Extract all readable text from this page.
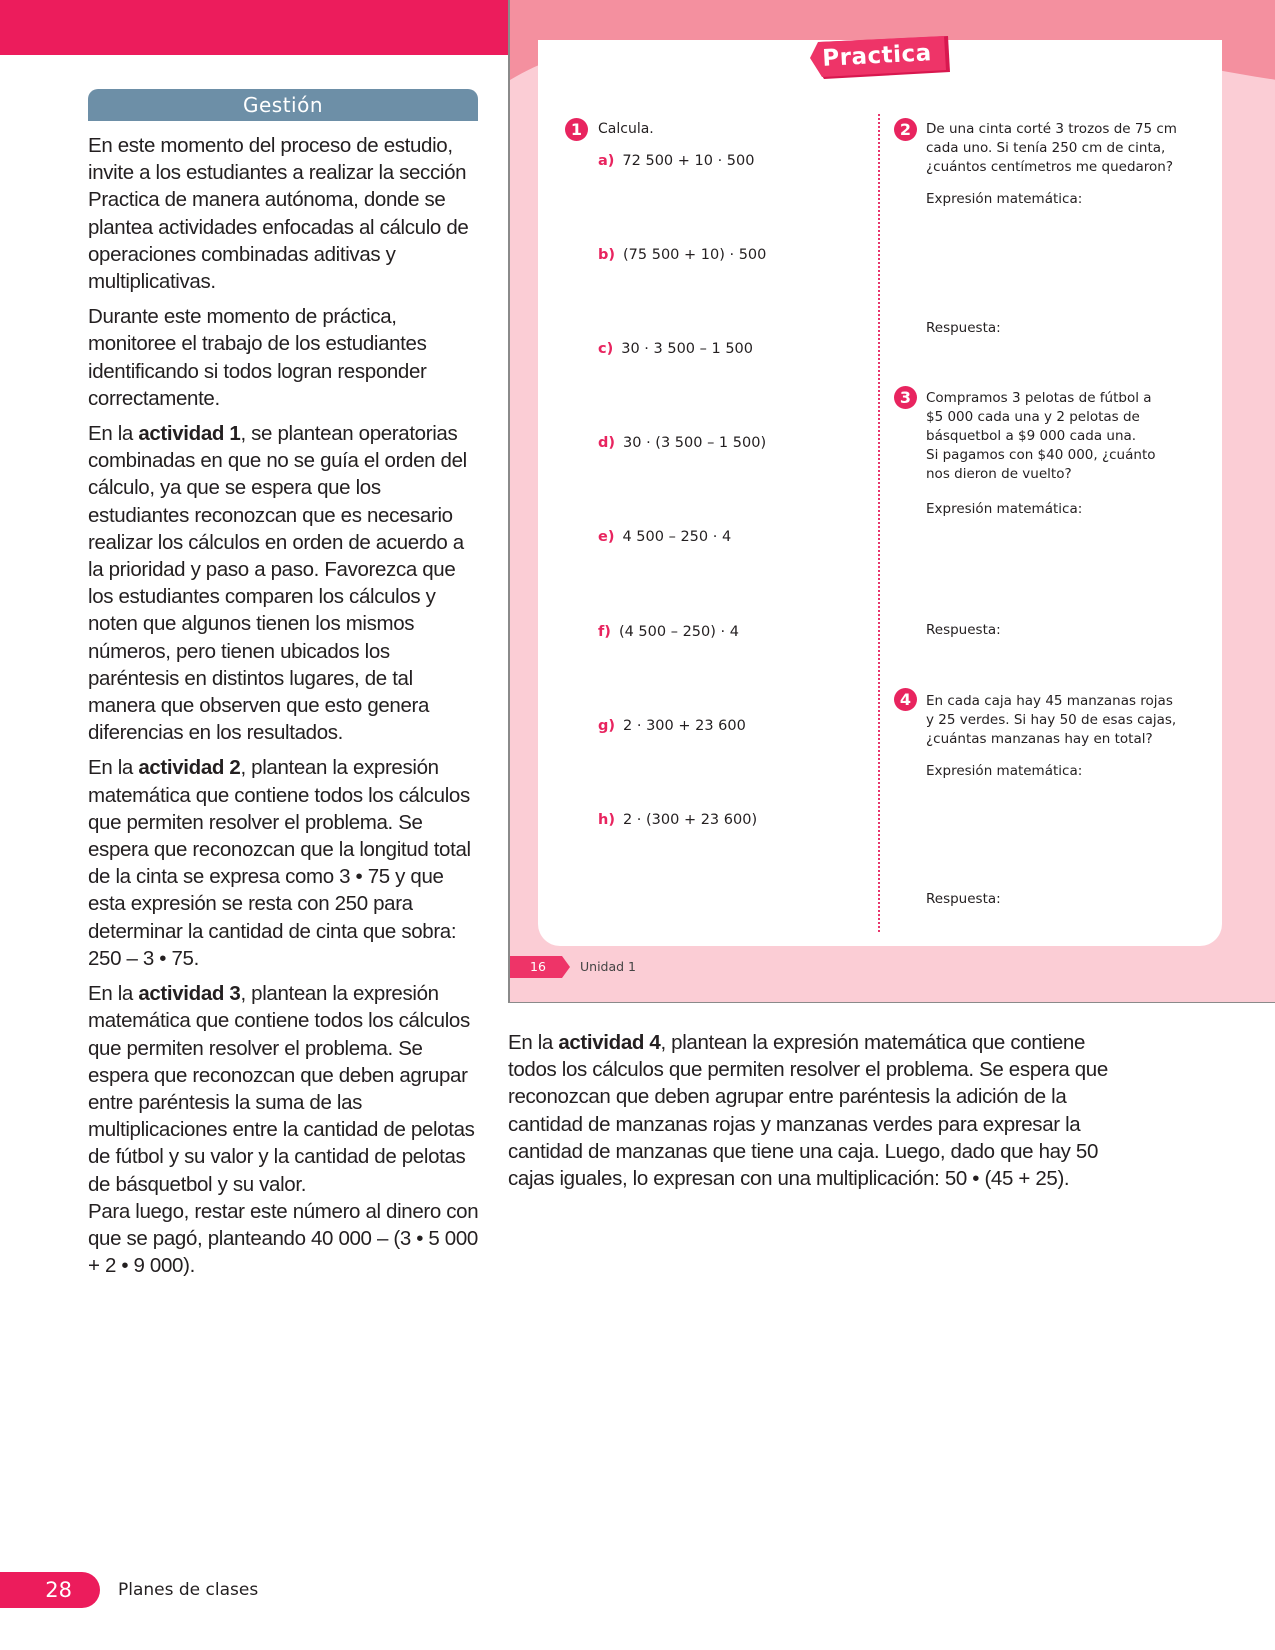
Gestión

En este momento del proceso de estudio, invite a los estudiantes a realizar la sección Practica de manera autónoma, donde se plantea actividades enfocadas al cálculo de operaciones combinadas aditivas y multiplicativas.

Durante este momento de práctica, monitoree el trabajo de los estudiantes identificando si todos logran responder correctamente.

En la actividad 1, se plantean operatorias combinadas en que no se guía el orden del cálculo, ya que se espera que los estudiantes reconozcan que es necesario realizar los cálculos en orden de acuerdo a la prioridad y paso a paso. Favorezca que los estudiantes comparen los cálculos y noten que algunos tienen los mismos números, pero tienen ubicados los paréntesis en distintos lugares, de tal manera que observen que esto genera diferencias en los resultados.

En la actividad 2, plantean la expresión matemática que contiene todos los cálculos que permiten resolver el problema. Se espera que reconozcan que la longitud total de la cinta se expresa como 3 • 75 y que esta expresión se resta con 250 para determinar la cantidad de cinta que sobra: 250 – 3 • 75.

En la actividad 3, plantean la expresión matemática que contiene todos los cálculos que permiten resolver el problema. Se espera que reconozcan que deben agrupar entre paréntesis la suma de las multiplicaciones entre la cantidad de pelotas de fútbol y su valor y la cantidad de pelotas de básquetbol y su valor.
Para luego, restar este número al dinero con que se pagó, planteando 40 000 – (3 • 5 000 + 2 • 9 000).

Practica
1	Calcula.	2	De una cinta corté 3 trozos de 75 cm
cada uno. Si tenía 250 cm de cinta,
¿cuántos centímetros me quedaron?
Expresión matemática:
Respuesta:
3	Compramos 3 pelotas de fútbol a
$5 000 cada una y 2 pelotas de
básquetbol a $9 000 cada una.
Si pagamos con $40 000, ¿cuánto
nos dieron de vuelto?
Expresión matemática:
Respuesta:
4	En cada caja hay 45 manzanas rojas
y 25 verdes. Si hay 50 de esas cajas,
¿cuántas manzanas hay en total?
Expresión matemática:
Respuesta:
16	Unidad 1
a) 72 500 + 10 · 500
b) (75 500 + 10) · 500
c) 30 · 3 500 – 1 500
d) 30 · (3 500 – 1 500)
e) 4 500 – 250 · 4
f) (4 500 – 250) · 4
g) 2 · 300 + 23 600
h) 2 · (300 + 23 600)
En la actividad 4, plantean la expresión matemática que contiene todos los cálculos que permiten resolver el problema. Se espera que reconozcan que deben agrupar entre paréntesis la adición de la cantidad de manzanas rojas y manzanas verdes para expresar la cantidad de manzanas que tiene una caja. Luego, dado que hay 50 cajas iguales, lo expresan con una multiplicación: 50 • (45 + 25).
28	Planes de clases
